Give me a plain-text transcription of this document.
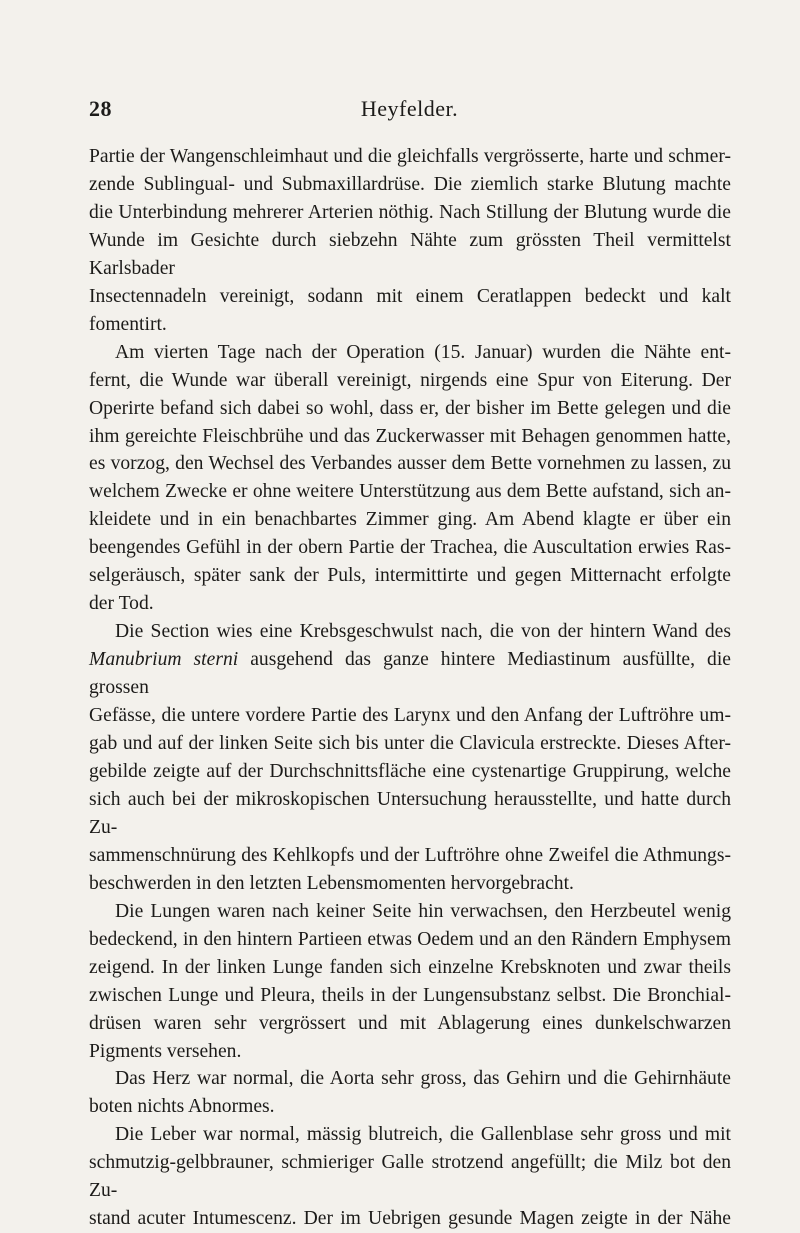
28	Heyfelder.
Partie der Wangenschleimhaut und die gleichfalls vergrösserte, harte und schmer-
zende Sublingual- und Submaxillardrüse. Die ziemlich starke Blutung machte
die Unterbindung mehrerer Arterien nöthig. Nach Stillung der Blutung wurde die
Wunde im Gesichte durch siebzehn Nähte zum grössten Theil vermittelst Karlsbader
Insectennadeln vereinigt, sodann mit einem Ceratlappen bedeckt und kalt fomentirt.
Am vierten Tage nach der Operation (15. Januar) wurden die Nähte ent-
fernt, die Wunde war überall vereinigt, nirgends eine Spur von Eiterung. Der
Operirte befand sich dabei so wohl, dass er, der bisher im Bette gelegen und die
ihm gereichte Fleischbrühe und das Zuckerwasser mit Behagen genommen hatte,
es vorzog, den Wechsel des Verbandes ausser dem Bette vornehmen zu lassen, zu
welchem Zwecke er ohne weitere Unterstützung aus dem Bette aufstand, sich an-
kleidete und in ein benachbartes Zimmer ging. Am Abend klagte er über ein
beengendes Gefühl in der obern Partie der Trachea, die Auscultation erwies Ras-
selgeräusch, später sank der Puls, intermittirte und gegen Mitternacht erfolgte
der Tod.
Die Section wies eine Krebsgeschwulst nach, die von der hintern Wand des
Manubrium sterni ausgehend das ganze hintere Mediastinum ausfüllte, die grossen
Gefässe, die untere vordere Partie des Larynx und den Anfang der Luftröhre um-
gab und auf der linken Seite sich bis unter die Clavicula erstreckte. Dieses After-
gebilde zeigte auf der Durchschnittsfläche eine cystenartige Gruppirung, welche
sich auch bei der mikroskopischen Untersuchung herausstellte, und hatte durch Zu-
sammenschnürung des Kehlkopfs und der Luftröhre ohne Zweifel die Athmungs-
beschwerden in den letzten Lebensmomenten hervorgebracht.
Die Lungen waren nach keiner Seite hin verwachsen, den Herzbeutel wenig
bedeckend, in den hintern Partieen etwas Oedem und an den Rändern Emphysem
zeigend. In der linken Lunge fanden sich einzelne Krebsknoten und zwar theils
zwischen Lunge und Pleura, theils in der Lungensubstanz selbst. Die Bronchial-
drüsen waren sehr vergrössert und mit Ablagerung eines dunkelschwarzen
Pigments versehen.
Das Herz war normal, die Aorta sehr gross, das Gehirn und die Gehirnhäute
boten nichts Abnormes.
Die Leber war normal, mässig blutreich, die Gallenblase sehr gross und mit
schmutzig-gelbbrauner, schmieriger Galle strotzend angefüllt; die Milz bot den Zu-
stand acuter Intumescenz. Der im Uebrigen gesunde Magen zeigte in der Nähe
